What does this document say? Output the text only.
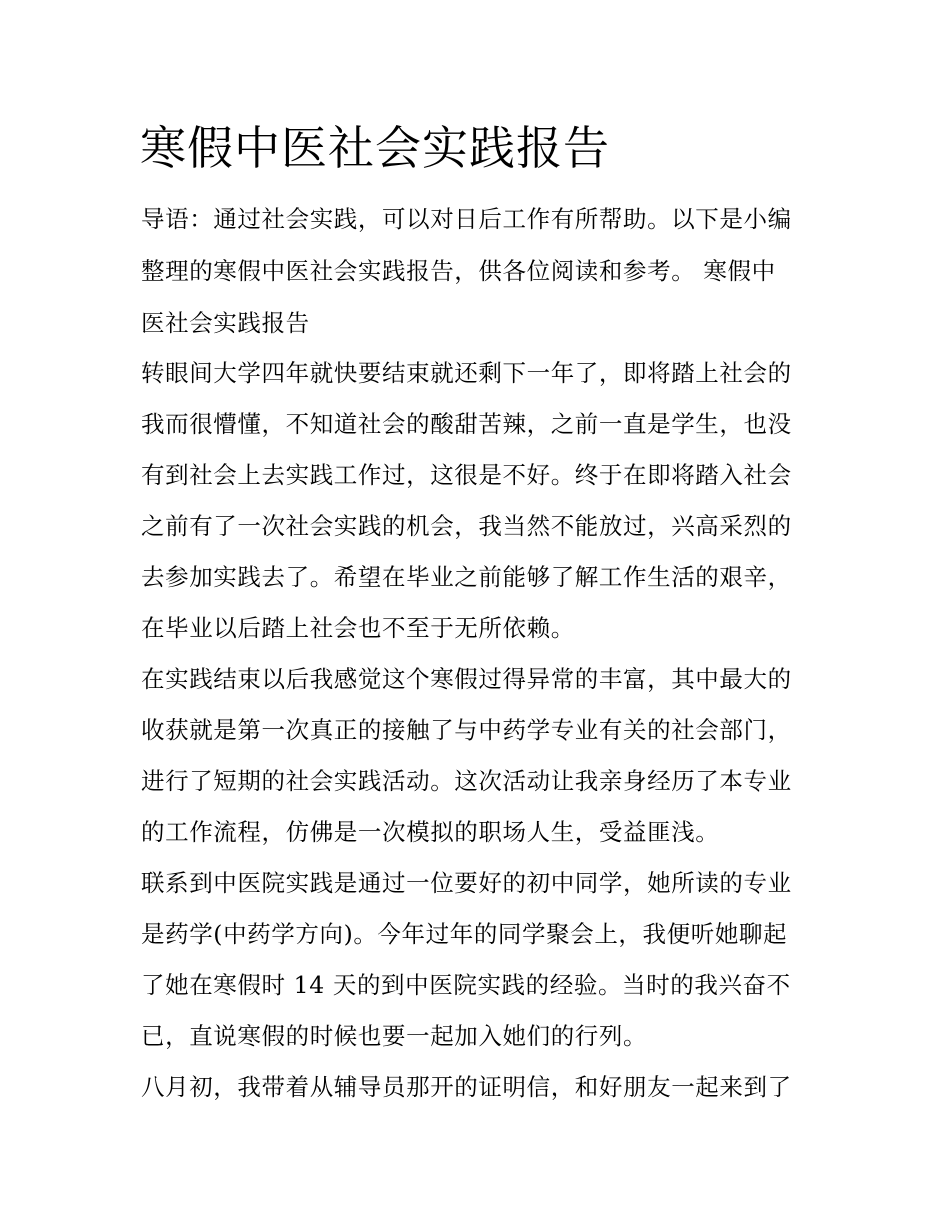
寒假中医社会实践报告
导语：通过社会实践，可以对日后工作有所帮助。以下是小编
整理的寒假中医社会实践报告，供各位阅读和参考。 寒假中
医社会实践报告
转眼间大学四年就快要结束就还剩下一年了，即将踏上社会的
我而很懵懂，不知道社会的酸甜苦辣，之前一直是学生，也没
有到社会上去实践工作过，这很是不好。终于在即将踏入社会
之前有了一次社会实践的机会，我当然不能放过，兴高采烈的
去参加实践去了。希望在毕业之前能够了解工作生活的艰辛，
在毕业以后踏上社会也不至于无所依赖。
在实践结束以后我感觉这个寒假过得异常的丰富，其中最大的
收获就是第一次真正的接触了与中药学专业有关的社会部门，
进行了短期的社会实践活动。这次活动让我亲身经历了本专业
的工作流程，仿佛是一次模拟的职场人生，受益匪浅。
联系到中医院实践是通过一位要好的初中同学，她所读的专业
是药学(中药学方向)。今年过年的同学聚会上，我便听她聊起
了她在寒假时 14 天的到中医院实践的经验。当时的我兴奋不
已，直说寒假的时候也要一起加入她们的行列。
八月初，我带着从辅导员那开的证明信，和好朋友一起来到了
